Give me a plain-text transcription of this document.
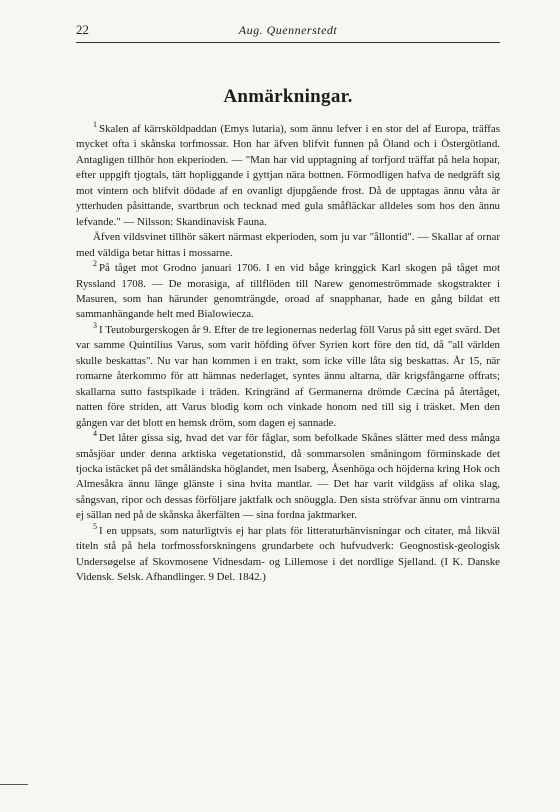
22	Aug. Quennerstedt
Anmärkningar.

$^1$ Skalen af kärrsköldpaddan (Emys lutaria), som ännu lefver i en stor del af Europa, träffas mycket ofta i skånska torfmossar. Hon har äfven blifvit funnen på Öland och i Östergötland. Antagligen tillhör hon ekperioden. — "Man har vid upptagning af torfjord träffat på hela hopar, efter uppgift tjogtals, tätt hopliggande i gyttjan nära bottnen. Förmodligen hafva de nedgräft sig mot vintern och blifvit dödade af en ovanligt djupgående frost. Då de upptagas ännu våta är ytterhuden påsittande, svartbrun och tecknad med gula småfläckar alldeles som hos den ännu lefvande." — Nilsson: Skandinavisk Fauna.

Äfven vildsvinet tillhör säkert närmast ekperioden, som ju var "ållontid". — Skallar af ornar med väldiga betar hittas i mossarne.

$^2$ På tåget mot Grodno januari 1706. I en vid båge kringgick Karl skogen på tåget mot Ryssland 1708. — De morasiga, af tillflöden till Narew genomeströmmade skogstrakter i Masuren, som han härunder genomträngde, oroad af snapphanar, hade en gång bildat ett sammanhängande helt med Bialowiecza.

$^3$ I Teutoburgerskogen år 9. Efter de tre legionernas nederlag föll Varus på sitt eget svärd. Det var samme Quintilius Varus, som varit höfding öfver Syrien kort före den tid, då "all världen skulle beskattas". Nu var han kommen i en trakt, som icke ville låta sig beskattas. År 15, när romarne återkommo för att hämnas nederlaget, syntes ännu altarna, där krigsfångarne offrats; skallarna sutto fastspikade i träden. Kringränd af Germanerna drömde Cæcina på återtåget, natten före striden, att Varus blodig kom och vinkade honom ned till sig i träsket. Men den gången var det blott en hemsk dröm, som dagen ej sannade.

$^4$ Det låter gissa sig, hvad det var för fåglar, som befolkade Skånes slätter med dess många småsjöar under denna arktiska vegetationstid, då sommarsolen småningom förminskade det tjocka istäcket på det småländska höglandet, men Isaberg, Åsenhöga och höjderna kring Hok och Almesåkra ännu länge glänste i sina hvita mantlar. — Det har varit vildgäss af olika slag, sångsvan, ripor och dessas förföljare jaktfalk och snöuggla. Den sista ströfvar ännu om vintrarna ej sällan ned på de skånska åkerfälten — sina fordna jaktmarker.

$^5$ I en uppsats, som naturligtvis ej har plats för litteraturhänvisningar och citater, må likväl titeln stå på hela torfmossforskningens grundarbete och hufvudverk: Geognostisk-geologisk Undersøgelse af Skovmosene Vidnesdam- og Lillemose i det nordlige Sjelland. (I K. Danske Vidensk. Selsk. Afhandlinger. 9 Del. 1842.)
